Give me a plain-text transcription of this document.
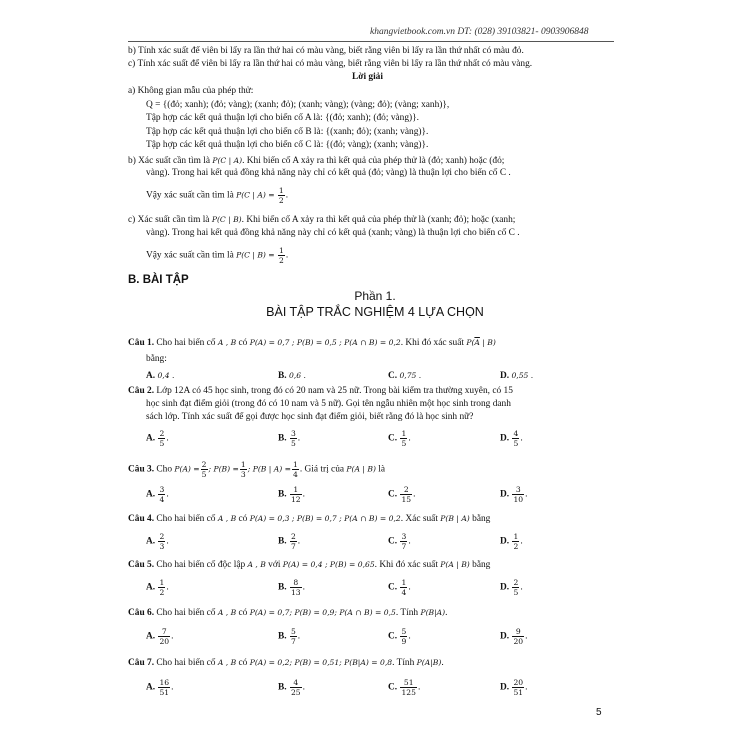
khangvietbook.com.vn DT: (028) 39103821- 0903906848
b) Tính xác suất để viên bi lấy ra lần thứ hai có màu vàng, biết rằng viên bi lấy ra lần thứ nhất có màu đỏ.
c) Tính xác suất để viên bi lấy ra lần thứ hai có màu vàng, biết rằng viên bi lấy ra lần thứ nhất có màu vàng.
Lời giải
a) Không gian mẫu của phép thử:
Q = {(đỏ; xanh); (đỏ; vàng); (xanh; đỏ); (xanh; vàng); (vàng; đỏ); (vàng; xanh)},
Tập hợp các kết quả thuận lợi cho biến cố A là: {(đỏ; xanh); (đỏ; vàng)}.
Tập hợp các kết quả thuận lợi cho biến cố B là: {(xanh; đỏ); (xanh; vàng)}.
Tập hợp các kết quả thuận lợi cho biến cố C là: {(đỏ; vàng); (xanh; vàng)}.
b) Xác suất cần tìm là P(C | A). Khi biến cố A xảy ra thì kết quả của phép thử là (đỏ; xanh) hoặc (đỏ;
vàng). Trong hai kết quả đồng khả năng này chỉ có kết quả (đỏ; vàng) là thuận lợi cho biến cố C .
Vậy xác suất cần tìm là P(C | $A) = \frac{1}{2}$ .
c) Xác suất cần tìm là P(C | B). Khi biến cố A xảy ra thì kết quả của phép thử là (xanh; đỏ); hoặc (xanh;
vàng). Trong hai kết quả đồng khả năng này chỉ có kết quả (xanh; vàng) là thuận lợi cho biến cố C .
Vậy xác suất cần tìm là P(C | $B) = \frac{1}{2}$ .
B. BÀI TẬP
Phần 1.
BÀI TẬP TRẮC NGHIỆM 4 LỰA CHỌN
Câu 1. Cho hai biến cố A , B có P(A) = 0,7 ; P(B) = 0,5 ; P(A ∩ B) = 0,2. Khi đó xác suất $P(\overline{A}$ | B)
bằng:
A. 0,4 .	B. 0,6 .	C. 0,75 .	D. 0,55 .
Câu 2. Lớp 12A có 45 học sinh, trong đó có 20 nam và 25 nữ. Trong bài kiểm tra thường xuyên, có 15
học sinh đạt điểm giỏi (trong đó có 10 nam và 5 nữ). Gọi tên ngẫu nhiên một học sinh trong danh
sách lớp. Tính xác suất để gọi được học sinh đạt điểm giỏi, biết rằng đó là học sinh nữ?
A. $\frac{2}{5}$ .	B. $\frac{3}{5}$ .	C. $\frac{1}{5}$ .	D. $\frac{4}{5}$ .
Câu 3. Cho $P(A) = \frac{2}{5}$ ; $P(B) = \frac{1}{3}$ ; P(B | $A) = \frac{1}{4}$ . Giá trị của P(A | B) là
A. $\frac{3}{4}$ .	B. $\frac{1}{12}$ .	C. $\frac{2}{15}$ .	D. $\frac{3}{10}$ .
Câu 4. Cho hai biến cố A , B có P(A) = 0,3 ; P(B) = 0,7 ; P(A ∩ B) = 0,2. Xác suất P(B | A) bằng
A. $\frac{2}{3}$ .	B. $\frac{2}{7}$ .	C. $\frac{3}{7}$ .	D. $\frac{1}{2}$ .
Câu 5. Cho hai biến cố độc lập A , B với P(A) = 0,4 ; P(B) = 0,65. Khi đó xác suất P(A | B) bằng
A. $\frac{1}{2}$ .	B. $\frac{8}{13}$ .	C. $\frac{1}{4}$ .	D. $\frac{2}{5}$ .
Câu 6. Cho hai biến cố A , B có P(A) = 0,7; P(B) = 0,9; P(A ∩ B) = 0,5. Tính P(B|A).
A. $\frac{7}{20}$ .	B. $\frac{5}{7}$ .	C. $\frac{5}{9}$ .	D. $\frac{9}{20}$ .
Câu 7. Cho hai biến cố A , B có P(A) = 0,2; P(B) = 0,51; P(B|A) = 0,8. Tính P(A|B).
A. $\frac{16}{51}$ .	B. $\frac{4}{25}$ .	C. $\frac{51}{125}$ .	D. $\frac{20}{51}$ .
5
